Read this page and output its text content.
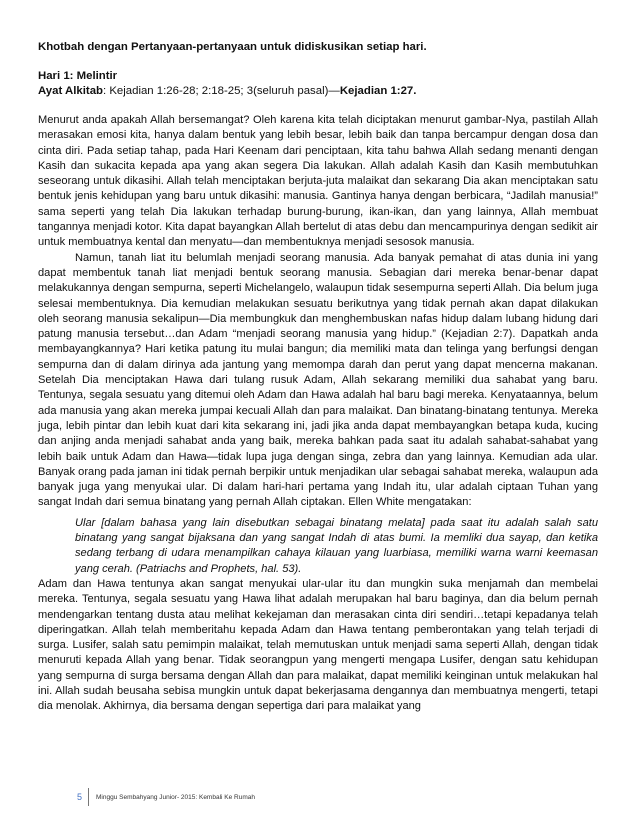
Khotbah dengan Pertanyaan-pertanyaan untuk didiskusikan setiap hari.
Hari 1: Melintir
Ayat Alkitab: Kejadian 1:26-28; 2:18-25; 3(seluruh pasal)—Kejadian 1:27.

Menurut anda apakah Allah bersemangat? Oleh karena kita telah diciptakan menurut gambar-Nya, pastilah Allah merasakan emosi kita, hanya dalam bentuk yang lebih besar, lebih baik dan tanpa bercampur dengan dosa dan cinta diri. Pada setiap tahap, pada Hari Keenam dari penciptaan, kita tahu bahwa Allah sedang menanti dengan Kasih dan sukacita kepada apa yang akan segera Dia lakukan. Allah adalah Kasih dan Kasih membutuhkan seseorang untuk dikasihi. Allah telah menciptakan berjuta-juta malaikat dan sekarang Dia akan menciptakan satu bentuk jenis kehidupan yang baru untuk dikasihi: manusia. Gantinya hanya dengan berbicara, “Jadilah manusia!” sama seperti yang telah Dia lakukan terhadap burung-burung, ikan-ikan, dan yang lainnya, Allah membuat tangannya menjadi kotor. Kita dapat bayangkan Allah bertelut di atas debu dan mencampurinya dengan sedikit air untuk membuatnya kental dan menyatu—dan membentuknya menjadi sesosok manusia.

Namun, tanah liat itu belumlah menjadi seorang manusia. Ada banyak pemahat di atas dunia ini yang dapat membentuk tanah liat menjadi bentuk seorang manusia. Sebagian dari mereka benar-benar dapat melakukannya dengan sempurna, seperti Michelangelo, walaupun tidak sesempurna seperti Allah. Dia belum juga selesai membentuknya. Dia kemudian melakukan sesuatu berikutnya yang tidak pernah akan dapat dilakukan oleh seorang manusia sekalipun—Dia membungkuk dan menghembuskan nafas hidup dalam lubang hidung dari patung manusia tersebut…dan Adam “menjadi seorang manusia yang hidup.” (Kejadian 2:7). Dapatkah anda membayangkannya? Hari ketika patung itu mulai bangun; dia memiliki mata dan telinga yang berfungsi dengan sempurna dan di dalam dirinya ada jantung yang memompa darah dan perut yang dapat mencerna makanan. Setelah Dia menciptakan Hawa dari tulang rusuk Adam, Allah sekarang memiliki dua sahabat yang baru. Tentunya, segala sesuatu yang ditemui oleh Adam dan Hawa adalah hal baru bagi mereka. Kenyataannya, belum ada manusia yang akan mereka jumpai kecuali Allah dan para malaikat. Dan binatang-binatang tentunya. Mereka juga, lebih pintar dan lebih kuat dari kita sekarang ini, jadi jika anda dapat membayangkan betapa kuda, kucing dan anjing anda menjadi sahabat anda yang baik, mereka bahkan pada saat itu adalah sahabat-sahabat yang lebih baik untuk Adam dan Hawa—tidak lupa juga dengan singa, zebra dan yang lainnya. Kemudian ada ular. Banyak orang pada jaman ini tidak pernah berpikir untuk menjadikan ular sebagai sahabat mereka, walaupun ada banyak juga yang menyukai ular. Di dalam hari-hari pertama yang Indah itu, ular adalah ciptaan Tuhan yang sangat Indah dari semua binatang yang pernah Allah ciptakan. Ellen White mengatakan:

Ular [dalam bahasa yang lain disebutkan sebagai binatang melata] pada saat itu adalah salah satu binatang yang sangat bijaksana dan yang sangat Indah di atas bumi. Ia memliki dua sayap, dan ketika sedang terbang di udara menampilkan cahaya kilauan yang luarbiasa, memiliki warna warni keemasan yang cerah. (Patriachs and Prophets, hal. 53).

Adam dan Hawa tentunya akan sangat menyukai ular-ular itu dan mungkin suka menjamah dan membelai mereka. Tentunya, segala sesuatu yang Hawa lihat adalah merupakan hal baru baginya, dan dia belum pernah mendengarkan tentang dusta atau melihat kekejaman dan merasakan cinta diri sendiri…tetapi kepadanya telah diperingatkan. Allah telah memberitahu kepada Adam dan Hawa tentang pemberontakan yang telah terjadi di surga. Lusifer, salah satu pemimpin malaikat, telah memutuskan untuk menjadi sama seperti Allah, dengan tidak menuruti kepada Allah yang benar. Tidak seorangpun yang mengerti mengapa Lusifer, dengan satu kehidupan yang sempurna di surga bersama dengan Allah dan para malaikat, dapat memiliki keinginan untuk melakukan hal ini. Allah sudah beusaha sebisa mungkin untuk dapat bekerjasama dengannya dan membuatnya mengerti, tetapi dia menolak. Akhirnya, dia bersama dengan sepertiga dari para malaikat yang

5	Minggu Sembahyang Junior- 2015: Kembali Ke Rumah
